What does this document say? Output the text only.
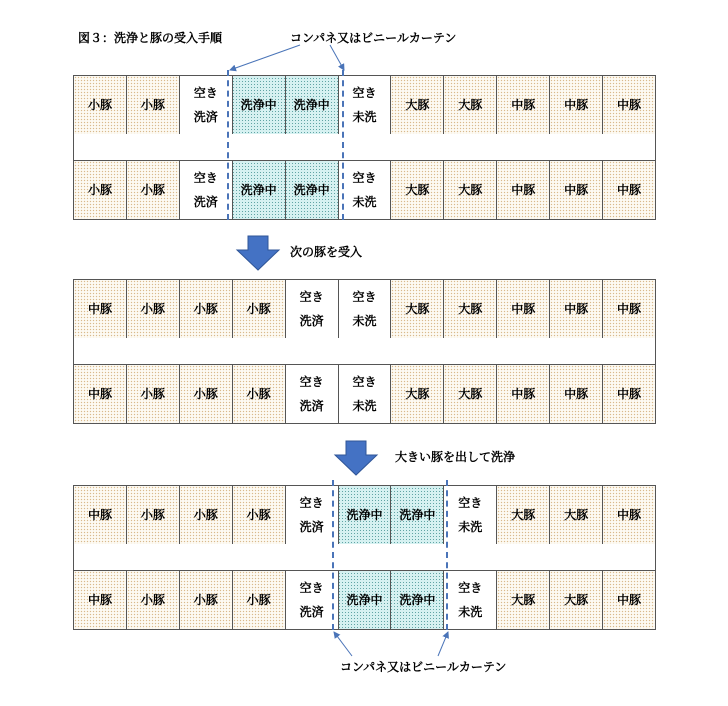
図３：洗浄と豚の受入手順	コンパネ又はビニールカーテン
小豚 小豚
空き
洗済
洗浄中 洗浄中
空き
未洗
大豚 大豚 中豚 中豚 中豚
小豚 小豚
空き
洗済
洗浄中 洗浄中
空き
未洗
大豚 大豚 中豚 中豚 中豚
次の豚を受入
中豚 小豚 小豚 小豚
空き
洗済
空き
未洗
大豚 大豚 中豚 中豚 中豚
中豚 小豚 小豚 小豚
空き
洗済
空き
未洗
大豚 大豚 中豚 中豚 中豚
大きい豚を出して洗浄
中豚 小豚 小豚 小豚
空き
洗済
洗浄中 洗浄中
空き
未洗
大豚 大豚 中豚
中豚 小豚 小豚 小豚
空き
洗済
洗浄中 洗浄中
空き
未洗
大豚 大豚 中豚
コンパネ又はビニールカーテン
